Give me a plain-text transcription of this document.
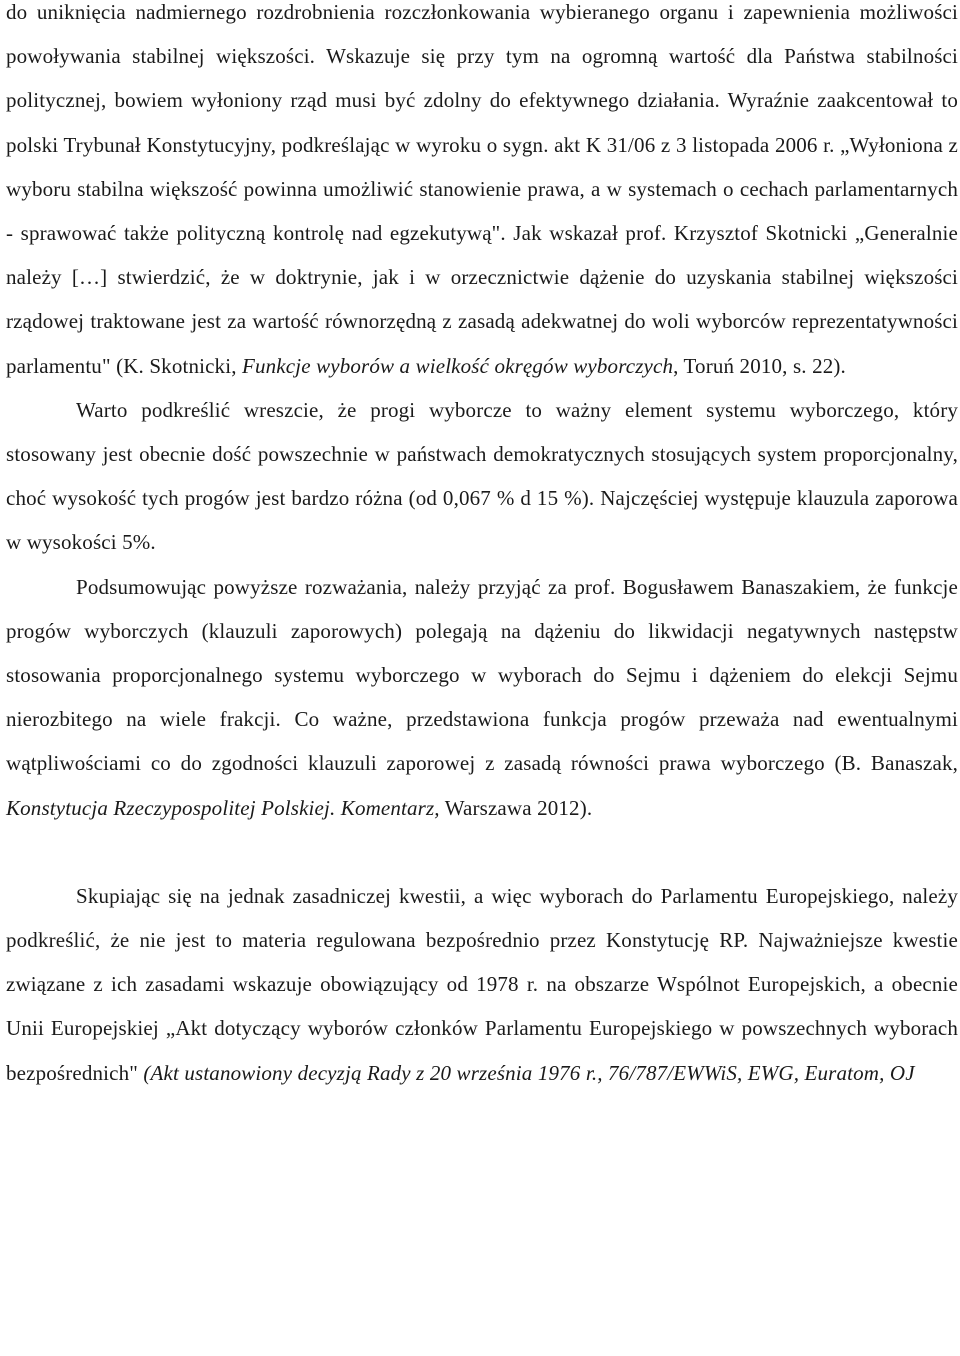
do uniknięcia nadmiernego rozdrobnienia rozczłonkowania wybieranego organu i zapewnienia możliwości powoływania stabilnej większości. Wskazuje się przy tym na ogromną wartość dla Państwa stabilności politycznej, bowiem wyłoniony rząd musi być zdolny do efektywnego działania. Wyraźnie zaakcentował to polski Trybunał Konstytucyjny, podkreślając w wyroku o sygn. akt K 31/06 z 3 listopada 2006 r. „Wyłoniona z wyboru stabilna większość powinna umożliwić stanowienie prawa, a w systemach o cechach parlamentarnych - sprawować także polityczną kontrolę nad egzekutywą". Jak wskazał prof. Krzysztof Skotnicki „Generalnie należy […] stwierdzić, że w doktrynie, jak i w orzecznictwie dążenie do uzyskania stabilnej większości rządowej traktowane jest za wartość równorzędną z zasadą adekwatnej do woli wyborców reprezentatywności parlamentu" (K. Skotnicki, Funkcje wyborów a wielkość okręgów wyborczych, Toruń 2010, s. 22).

Warto podkreślić wreszcie, że progi wyborcze to ważny element systemu wyborczego, który stosowany jest obecnie dość powszechnie w państwach demokratycznych stosujących system proporcjonalny, choć wysokość tych progów jest bardzo różna (od 0,067 % d 15 %). Najczęściej występuje klauzula zaporowa w wysokości 5%.

Podsumowując powyższe rozważania, należy przyjąć za prof. Bogusławem Banaszakiem, że funkcje progów wyborczych (klauzuli zaporowych) polegają na dążeniu do likwidacji negatywnych następstw stosowania proporcjonalnego systemu wyborczego w wyborach do Sejmu i dążeniem do elekcji Sejmu nierozbitego na wiele frakcji. Co ważne, przedstawiona funkcja progów przeważa nad ewentualnymi wątpliwościami co do zgodności klauzuli zaporowej z zasadą równości prawa wyborczego (B. Banaszak, Konstytucja Rzeczypospolitej Polskiej. Komentarz, Warszawa 2012).

Skupiając się na jednak zasadniczej kwestii, a więc wyborach do Parlamentu Europejskiego, należy podkreślić, że nie jest to materia regulowana bezpośrednio przez Konstytucję RP. Najważniejsze kwestie związane z ich zasadami wskazuje obowiązujący od 1978 r. na obszarze Wspólnot Europejskich, a obecnie Unii Europejskiej „Akt dotyczący wyborów członków Parlamentu Europejskiego w powszechnych wyborach bezpośrednich" (Akt ustanowiony decyzją Rady z 20 września 1976 r., 76/787/EWWiS, EWG, Euratom, OJ
